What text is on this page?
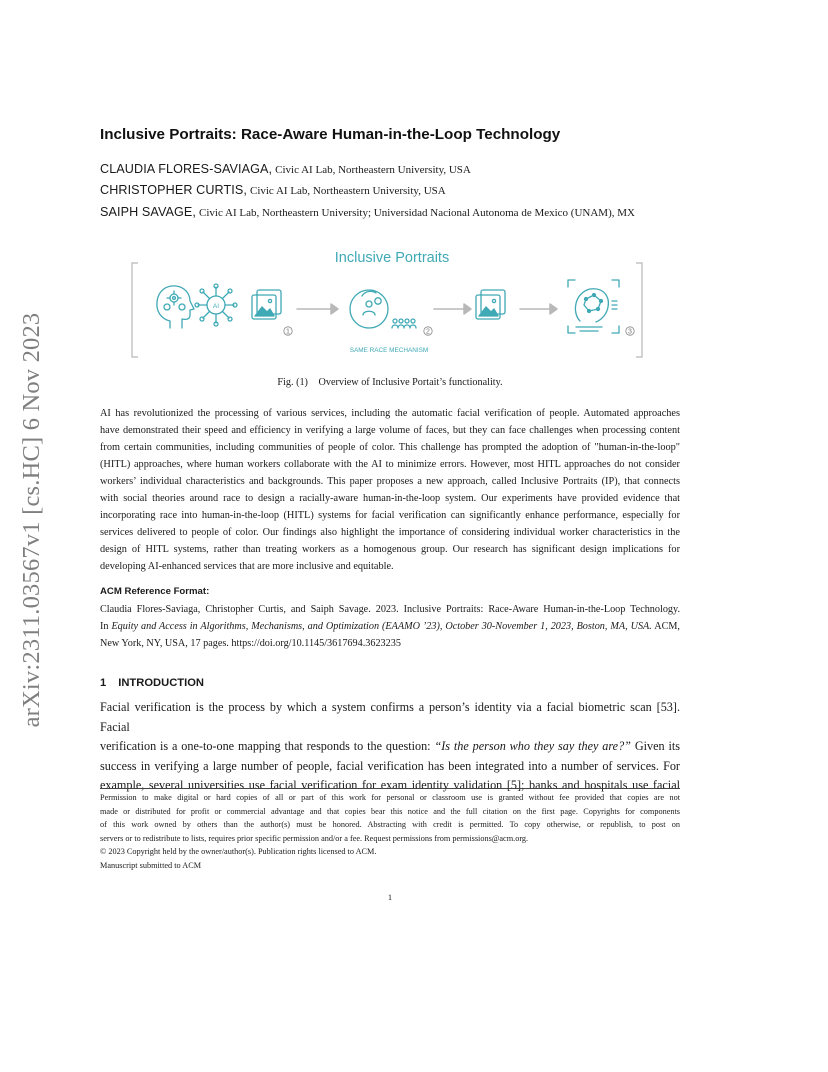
arXiv:2311.03567v1 [cs.HC] 6 Nov 2023
Inclusive Portraits: Race-Aware Human-in-the-Loop Technology
CLAUDIA FLORES-SAVIAGA, Civic AI Lab, Northeastern University, USA
CHRISTOPHER CURTIS, Civic AI Lab, Northeastern University, USA
SAIPH SAVAGE, Civic AI Lab, Northeastern University; Universidad Nacional Autonoma de Mexico (UNAM), MX
Inclusive Portraits
AI
1	2	3
SAME RACE MECHANISM
Fig. (1) Overview of Inclusive Portait’s functionality.
AI has revolutionized the processing of various services, including the automatic facial verification of people. Automated approaches
have demonstrated their speed and efficiency in verifying a large volume of faces, but they can face challenges when processing content
from certain communities, including communities of people of color. This challenge has prompted the adoption of "human-in-the-loop"
(HITL) approaches, where human workers collaborate with the AI to minimize errors. However, most HITL approaches do not consider
workers’ individual characteristics and backgrounds. This paper proposes a new approach, called Inclusive Portraits (IP), that connects
with social theories around race to design a racially-aware human-in-the-loop system. Our experiments have provided evidence that
incorporating race into human-in-the-loop (HITL) systems for facial verification can significantly enhance performance, especially for
services delivered to people of color. Our findings also highlight the importance of considering individual worker characteristics in the
design of HITL systems, rather than treating workers as a homogenous group. Our research has significant design implications for
developing AI-enhanced services that are more inclusive and equitable.
ACM Reference Format:
Claudia Flores-Saviaga, Christopher Curtis, and Saiph Savage. 2023. Inclusive Portraits: Race-Aware Human-in-the-Loop Technology.
In Equity and Access in Algorithms, Mechanisms, and Optimization (EAAMO ’23), October 30-November 1, 2023, Boston, MA, USA. ACM,
New York, NY, USA, 17 pages. https://doi.org/10.1145/3617694.3623235
1 INTRODUCTION
Facial verification is the process by which a system confirms a person’s identity via a facial biometric scan [53]. Facial
verification is a one-to-one mapping that responds to the question: “Is the person who they say they are?” Given its
success in verifying a large number of people, facial verification has been integrated into a number of services. For
example, several universities use facial verification for exam identity validation [5]; banks and hospitals use facial
Permission to make digital or hard copies of all or part of this work for personal or classroom use is granted without fee provided that copies are not
made or distributed for profit or commercial advantage and that copies bear this notice and the full citation on the first page. Copyrights for components
of this work owned by others than the author(s) must be honored. Abstracting with credit is permitted. To copy otherwise, or republish, to post on
servers or to redistribute to lists, requires prior specific permission and/or a fee. Request permissions from permissions@acm.org.
© 2023 Copyright held by the owner/author(s). Publication rights licensed to ACM.
Manuscript submitted to ACM
1
